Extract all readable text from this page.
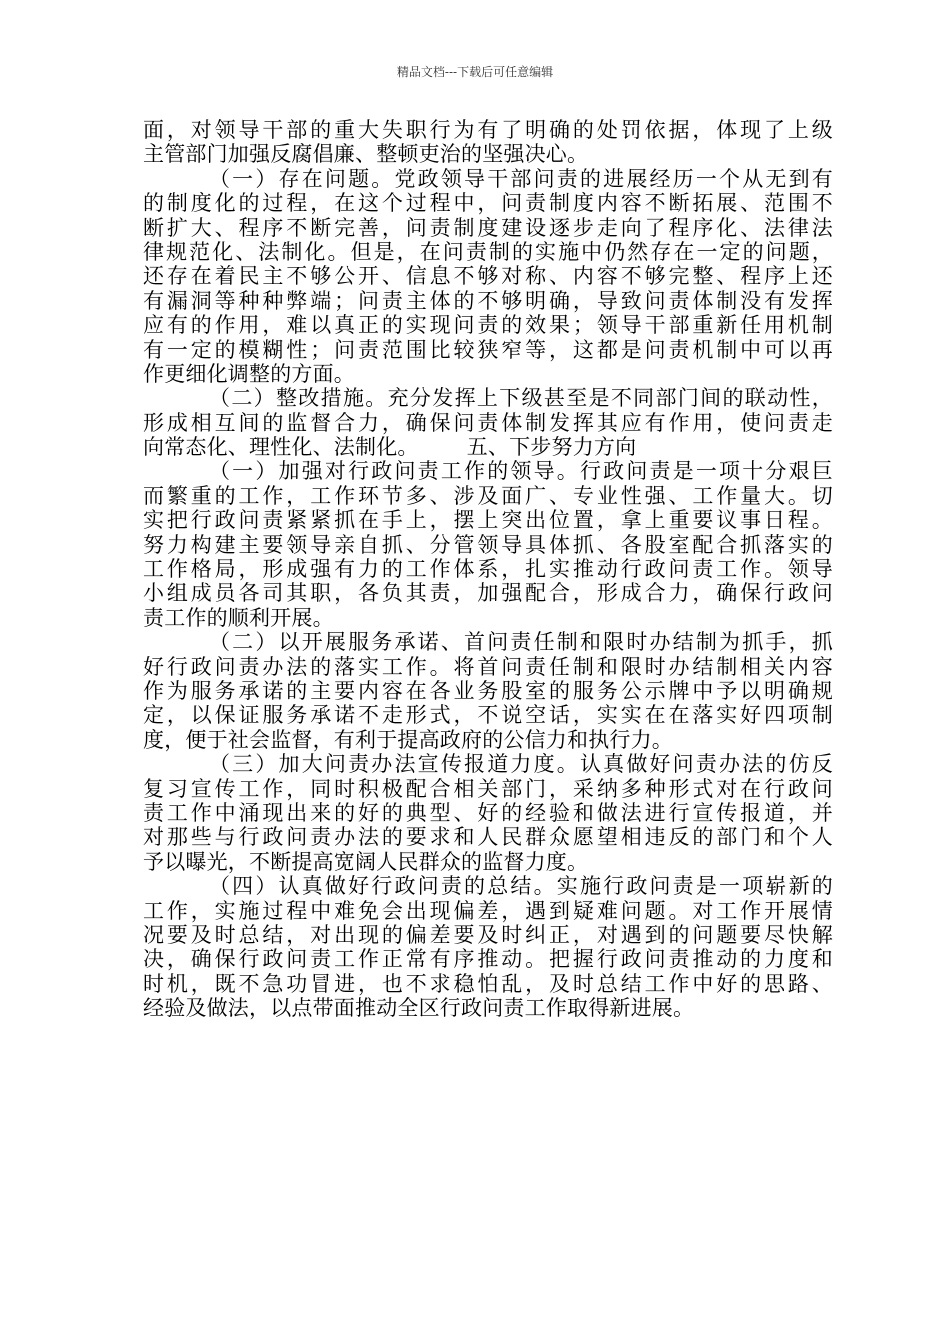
精品文档---下载后可任意编辑
面，对领导干部的重大失职行为有了明确的处罚依据，体现了上级
主管部门加强反腐倡廉、整顿吏治的坚强决心。
（一）存在问题。党政领导干部问责的进展经历一个从无到有
的制度化的过程，在这个过程中，问责制度内容不断拓展、范围不
断扩大、程序不断完善，问责制度建设逐步走向了程序化、法律法
律规范化、法制化。但是，在问责制的实施中仍然存在一定的问题，
还存在着民主不够公开、信息不够对称、内容不够完整、程序上还
有漏洞等种种弊端；问责主体的不够明确，导致问责体制没有发挥
应有的作用，难以真正的实现问责的效果；领导干部重新任用机制
有一定的模糊性；问责范围比较狭窄等，这都是问责机制中可以再
作更细化调整的方面。
（二）整改措施。充分发挥上下级甚至是不同部门间的联动性，
形成相互间的监督合力，确保问责体制发挥其应有作用，使问责走
向常态化、理性化、法制化。       五、下步努力方向
（一）加强对行政问责工作的领导。行政问责是一项十分艰巨
而繁重的工作，工作环节多、涉及面广、专业性强、工作量大。切
实把行政问责紧紧抓在手上，摆上突出位置，拿上重要议事日程。
努力构建主要领导亲自抓、分管领导具体抓、各股室配合抓落实的
工作格局，形成强有力的工作体系，扎实推动行政问责工作。领导
小组成员各司其职，各负其责，加强配合，形成合力，确保行政问
责工作的顺利开展。
（二）以开展服务承诺、首问责任制和限时办结制为抓手，抓
好行政问责办法的落实工作。将首问责任制和限时办结制相关内容
作为服务承诺的主要内容在各业务股室的服务公示牌中予以明确规
定，以保证服务承诺不走形式，不说空话，实实在在落实好四项制
度，便于社会监督，有利于提高政府的公信力和执行力。
（三）加大问责办法宣传报道力度。认真做好问责办法的仿反
复习宣传工作，同时积极配合相关部门，采纳多种形式对在行政问
责工作中涌现出来的好的典型、好的经验和做法进行宣传报道，并
对那些与行政问责办法的要求和人民群众愿望相违反的部门和个人
予以曝光，不断提高宽阔人民群众的监督力度。
（四）认真做好行政问责的总结。实施行政问责是一项崭新的
工作，实施过程中难免会出现偏差，遇到疑难问题。对工作开展情
况要及时总结，对出现的偏差要及时纠正，对遇到的问题要尽快解
决，确保行政问责工作正常有序推动。把握行政问责推动的力度和
时机，既不急功冒进，也不求稳怕乱，及时总结工作中好的思路、
经验及做法，以点带面推动全区行政问责工作取得新进展。
